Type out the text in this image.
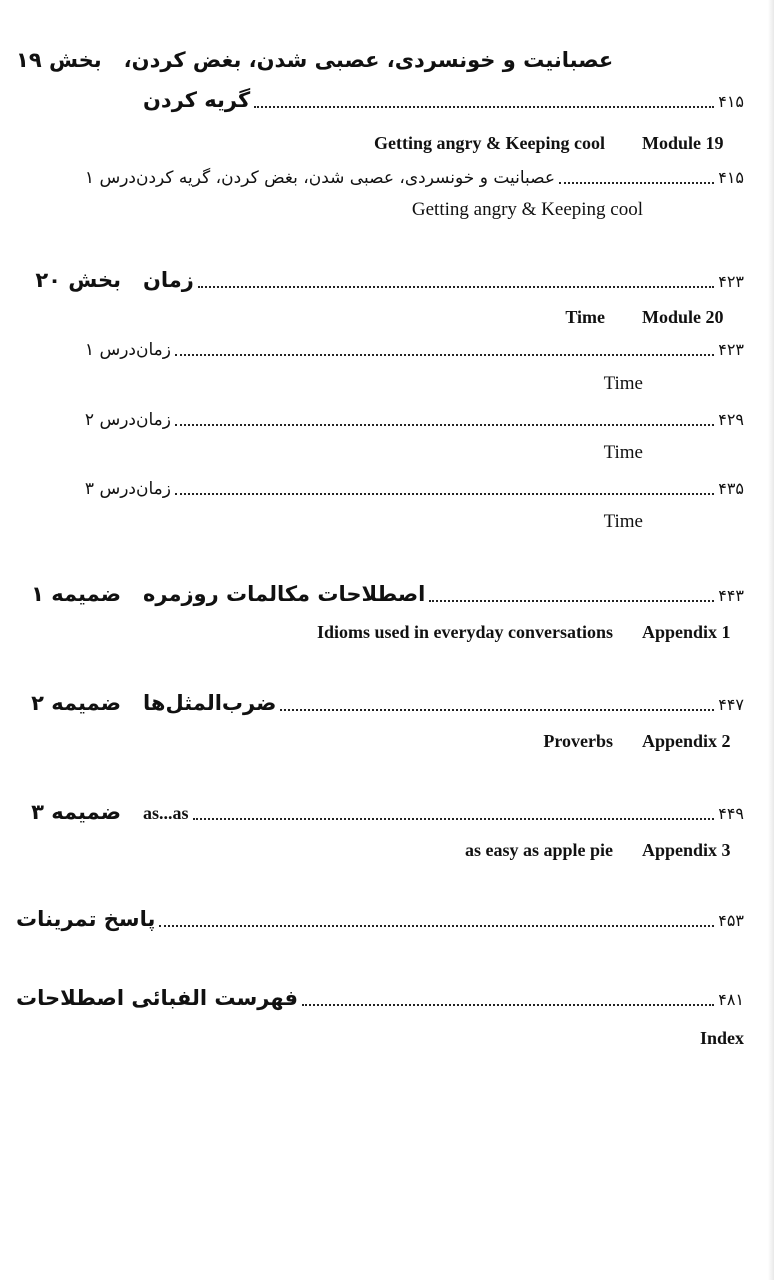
بخش ۱۹ عصبانیت و خونسردی، عصبی شدن، بغض کردن،
گریه کردن	۴۱۵
Getting angry & Keeping cool Module 19
درس ۱ عصبانیت و خونسردی، عصبی شدن، بغض کردن، گریه کردن	۴۱۵
Getting angry & Keeping cool
بخش ۲۰ زمان	۴۲۳
Time Module 20
درس ۱ زمان	۴۲۳
Time
درس ۲ زمان	۴۲۹
Time
درس ۳ زمان	۴۳۵
Time
ضمیمه ۱ اصطلاحات مکالمات روزمره	۴۴۳
Idioms used in everyday conversations Appendix 1
ضمیمه ۲ ضرب‌المثل‌ها	۴۴۷
Proverbs Appendix 2
ضمیمه ۳ as...as	۴۴۹
as easy as apple pie Appendix 3
پاسخ تمرینات	۴۵۳
فهرست الفبائی اصطلاحات	۴۸۱
Index
